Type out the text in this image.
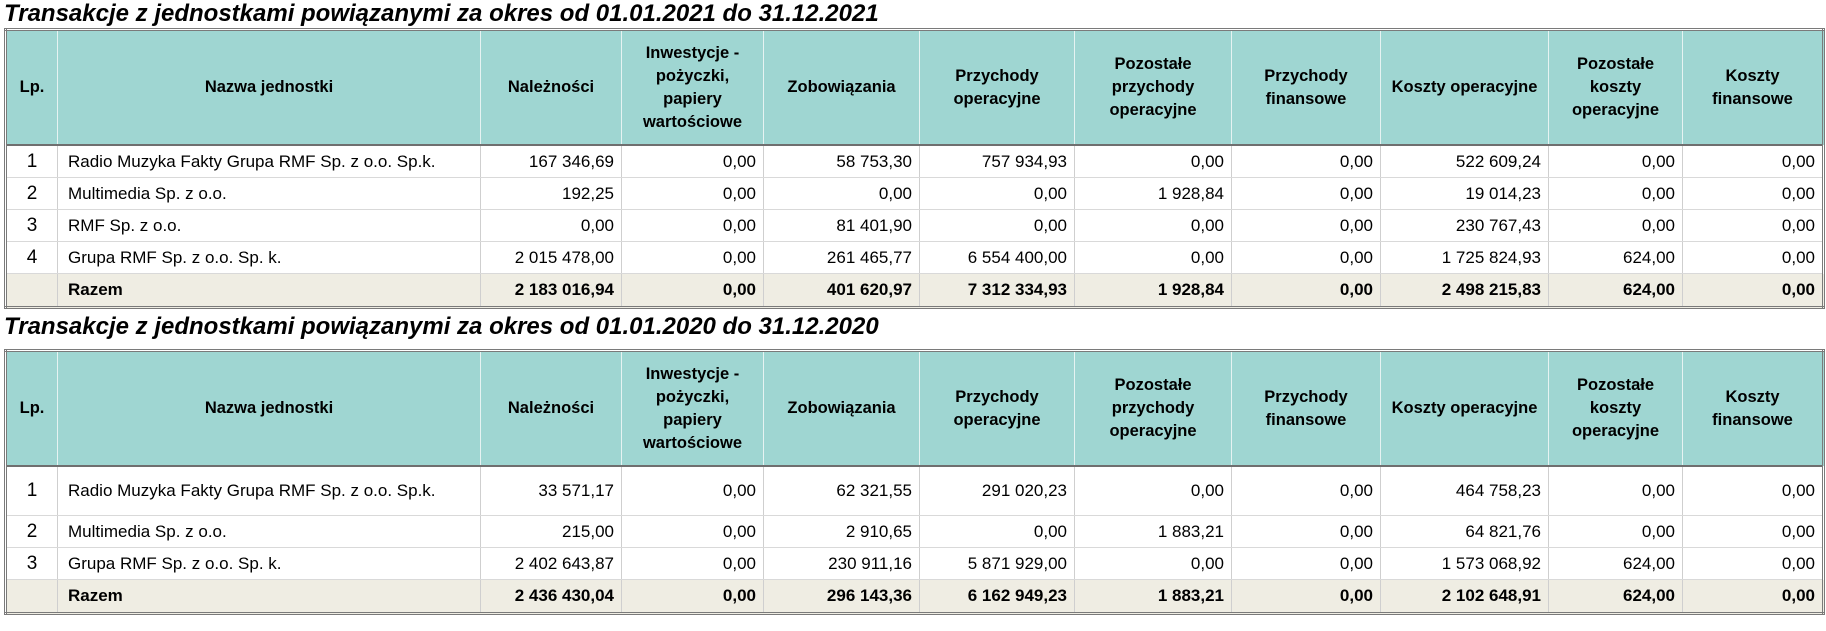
Transakcje z jednostkami powiązanymi za okres od 01.01.2021 do 31.12.2021
Lp.	Nazwa jednostki	Należności	Inwestycje - pożyczki, papiery wartościowe	Zobowiązania	Przychody operacyjne	Pozostałe przychody operacyjne	Przychody finansowe	Koszty operacyjne	Pozostałe koszty operacyjne	Koszty finansowe
1	Radio Muzyka Fakty Grupa RMF Sp. z o.o. Sp.k.	167 346,69	0,00	58 753,30	757 934,93	0,00	0,00	522 609,24	0,00	0,00
2	Multimedia Sp. z o.o.	192,25	0,00	0,00	0,00	1 928,84	0,00	19 014,23	0,00	0,00
3	RMF Sp. z o.o.	0,00	0,00	81 401,90	0,00	0,00	0,00	230 767,43	0,00	0,00
4	Grupa RMF Sp. z o.o. Sp. k.	2 015 478,00	0,00	261 465,77	6 554 400,00	0,00	0,00	1 725 824,93	624,00	0,00
	Razem	2 183 016,94	0,00	401 620,97	7 312 334,93	1 928,84	0,00	2 498 215,83	624,00	0,00
Transakcje z jednostkami powiązanymi za okres od 01.01.2020 do 31.12.2020
Lp.	Nazwa jednostki	Należności	Inwestycje - pożyczki, papiery wartościowe	Zobowiązania	Przychody operacyjne	Pozostałe przychody operacyjne	Przychody finansowe	Koszty operacyjne	Pozostałe koszty operacyjne	Koszty finansowe
1	Radio Muzyka Fakty Grupa RMF Sp. z o.o. Sp.k.	33 571,17	0,00	62 321,55	291 020,23	0,00	0,00	464 758,23	0,00	0,00
2	Multimedia Sp. z o.o.	215,00	0,00	2 910,65	0,00	1 883,21	0,00	64 821,76	0,00	0,00
3	Grupa RMF Sp. z o.o. Sp. k.	2 402 643,87	0,00	230 911,16	5 871 929,00	0,00	0,00	1 573 068,92	624,00	0,00
	Razem	2 436 430,04	0,00	296 143,36	6 162 949,23	1 883,21	0,00	2 102 648,91	624,00	0,00
